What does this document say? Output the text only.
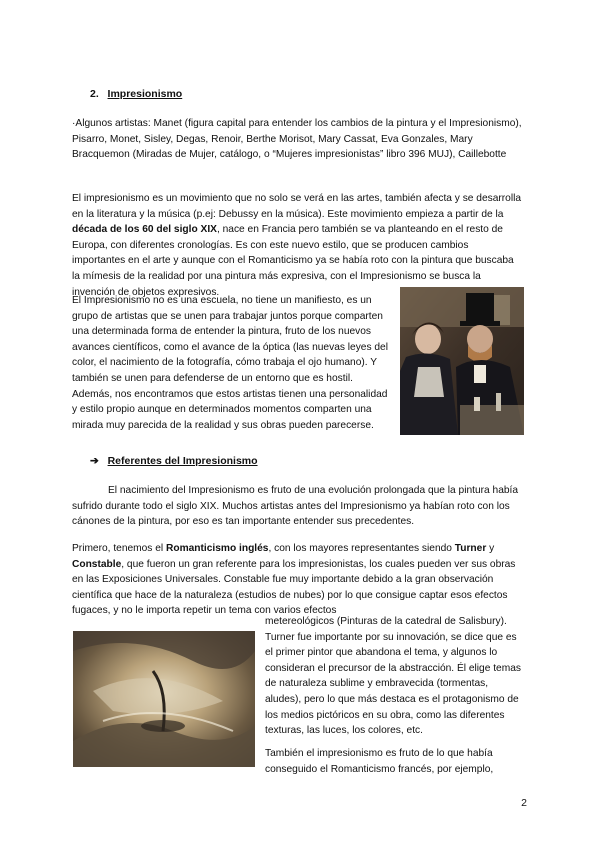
2. Impresionismo

·Algunos artistas: Manet (figura capital para entender los cambios de la pintura y el Impresionismo), Pisarro, Monet, Sisley, Degas, Renoir, Berthe Morisot, Mary Cassat, Eva Gonzales, Mary Bracquemon (Miradas de Mujer, catálogo, o “Mujeres impresionistas” libro 396 MUJ), Caillebotte

El impresionismo es un movimiento que no solo se verá en las artes, también afecta y se desarrolla en la literatura y la música (p.ej: Debussy en la música). Este movimiento empieza a partir de la década de los 60 del siglo XIX, nace en Francia pero también se va planteando en el resto de Europa, con diferentes cronologías. Es con este nuevo estilo, que se producen cambios importantes en el arte y aunque con el Romanticismo ya se había roto con la pintura que buscaba la mímesis de la realidad por una pintura más expresiva, con el Impresionismo se busca la invención de objetos expresivos.

El Impresionismo no es una escuela, no tiene un manifiesto, es un grupo de artistas que se unen para trabajar juntos porque comparten una determinada forma de entender la pintura, fruto de los nuevos avances científicos, como el avance de la óptica (las nuevas leyes del color, el nacimiento de la fotografía, cómo trabaja el ojo humano). Y también se unen para defenderse de un entorno que es hostil. Además, nos encontramos que estos artistas tienen una personalidad y estilo propio aunque en determinados momentos comparten una mirada muy parecida de la realidad y sus obras pueden parecerse.

➔ Referentes del Impresionismo

El nacimiento del Impresionismo es fruto de una evolución prolongada que la pintura había sufrido durante todo el siglo XIX. Muchos artistas antes del Impresionismo ya habían roto con los cánones de la pintura, por eso es tan importante entender sus precedentes.

Primero, tenemos el Romanticismo inglés, con los mayores representantes siendo Turner y Constable, que fueron un gran referente para los impresionistas, los cuales pueden ver sus obras en las Exposiciones Universales. Constable fue muy importante debido a la gran observación científica que hace de la naturaleza (estudios de nubes) por lo que consigue captar esos efectos fugaces, y no le importa repetir un tema con varios efectos

metereológicos (Pinturas de la catedral de Salisbury). Turner fue importante por su innovación, se dice que es el primer pintor que abandona el tema, y algunos lo consideran el precursor de la abstracción. Él elige temas de naturaleza sublime y embravecida (tormentas, aludes), pero lo que más destaca es el protagonismo de los medios pictóricos en su obra, como las diferentes texturas, las luces, los colores, etc.

También el impresionismo es fruto de lo que había conseguido el Romanticismo francés, por ejemplo,

2
